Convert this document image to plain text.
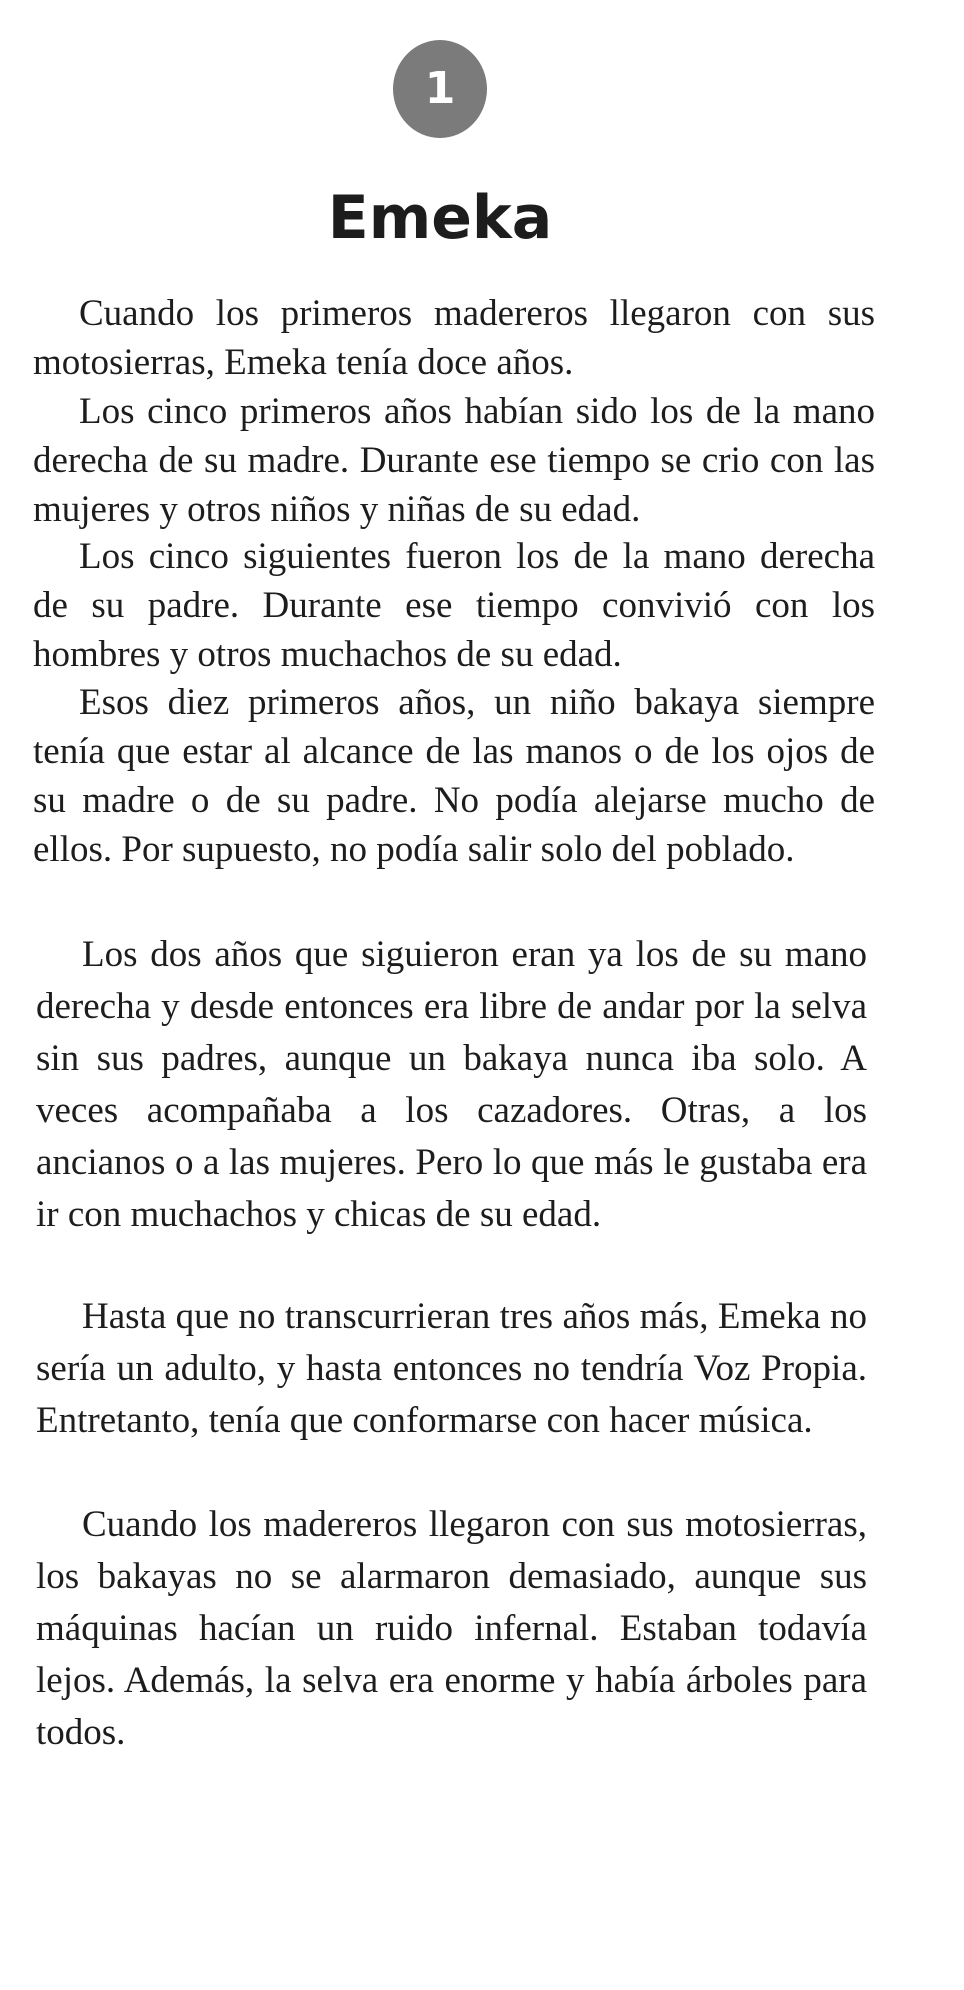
1
Emeka

Cuando los primeros madereros llegaron con sus motosierras, Emeka tenía doce años.

Los cinco primeros años habían sido los de la mano derecha de su madre. Durante ese tiempo se crio con las mujeres y otros niños y niñas de su edad.

Los cinco siguientes fueron los de la mano derecha de su padre. Durante ese tiempo convivió con los hombres y otros muchachos de su edad.

Esos diez primeros años, un niño bakaya siempre tenía que estar al alcance de las manos o de los ojos de su madre o de su padre. No podía alejarse mucho de ellos. Por supuesto, no podía salir solo del poblado.

Los dos años que siguieron eran ya los de su mano derecha y desde entonces era libre de andar por la selva sin sus padres, aunque un bakaya nunca iba solo. A veces acompañaba a los cazadores. Otras, a los ancianos o a las mujeres. Pero lo que más le gustaba era ir con muchachos y chicas de su edad.

Hasta que no transcurrieran tres años más, Emeka no sería un adulto, y hasta entonces no tendría Voz Propia. Entretanto, tenía que conformarse con hacer música.

Cuando los madereros llegaron con sus motosierras, los bakayas no se alarmaron demasiado, aunque sus máquinas hacían un ruido infernal. Estaban todavía lejos. Además, la selva era enorme y había árboles para todos.
